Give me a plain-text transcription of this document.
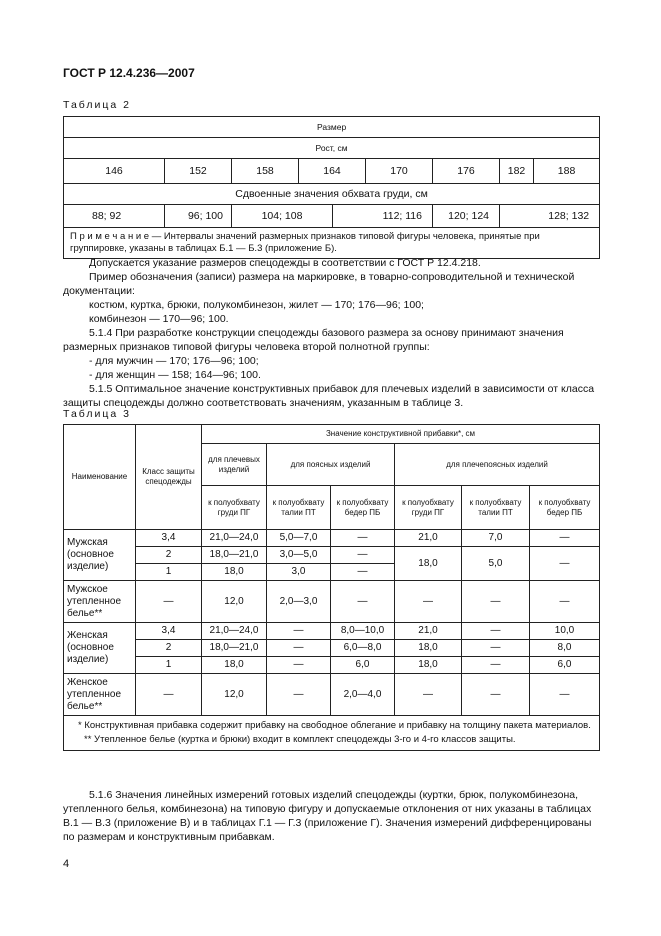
ГОСТ Р 12.4.236—2007
Таблица 2
Размер								
Рост, см								
146	152	158	164		170	176	182	188
Сдвоенные значения обхвата груди, см								
88; 92	96; 100	104; 108		112; 116		120; 124	128; 132	
П р и м е ч а н и е — Интервалы значений размерных признаков типовой фигуры человека, принятые при группировке, указаны в таблицах Б.1 — Б.3 (приложение Б).								

Допускается указание размеров спецодежды в соответствии с ГОСТ Р 12.4.218.

Пример обозначения (записи) размера на маркировке, в товарно-сопроводительной и технической документации:

костюм, куртка, брюки, полукомбинезон, жилет — 170; 176—96; 100;

комбинезон — 170—96; 100.

5.1.4 При разработке конструкции спецодежды базового размера за основу принимают значения размерных признаков типовой фигуры человека второй полнотной группы:

- для мужчин — 170; 176—96; 100;

- для женщин — 158; 164—96; 100.

5.1.5 Оптимальное значение конструктивных прибавок для плечевых изделий в зависимости от класса защиты спецодежды должно соответствовать значениям, указанным в таблице 3.

Таблица 3
Наименование	Класс защиты спецодежды	Значение конструктивной прибавки*, см					
		для плечевых изделий	для поясных изделий		для плечепоясных изделий		
		к полуобхвату груди ПГ	к полуобхвату талии ПТ	к полуобхвату бедер ПБ	к полуобхвату груди ПГ	к полуобхвату талии ПТ	к полуобхвату бедер ПБ
Мужская (основное изделие)	3,4	21,0—24,0	5,0—7,0	—	21,0	7,0	—
	2	18,0—21,0	3,0—5,0	—	18,0	5,0	—
	1	18,0	3,0	—			
Мужское утепленное белье**	—	12,0	2,0—3,0	—	—	—	—
Женская (основное изделие)	3,4	21,0—24,0	—	8,0—10,0	21,0	—	10,0
	2	18,0—21,0	—	6,0—8,0	18,0	—	8,0
	1	18,0	—	6,0	18,0	—	6,0
Женское утепленное белье**	—	12,0	—	2,0—4,0	—	—	—

* Конструктивная прибавка содержит прибавку на свободное облегание и прибавку на толщину пакета материалов.
** Утепленное белье (куртка и брюки) входит в комплект спецодежды 3-го и 4-го классов защиты.							

5.1.6 Значения линейных измерений готовых изделий спецодежды (куртки, брюк, полукомбинезона, утепленного белья, комбинезона) на типовую фигуру и допускаемые отклонения от них указаны в таблицах В.1 — В.3 (приложение В) и в таблицах Г.1 — Г.3 (приложение Г). Значения измерений дифференцированы по размерам и конструктивным прибавкам.

4
